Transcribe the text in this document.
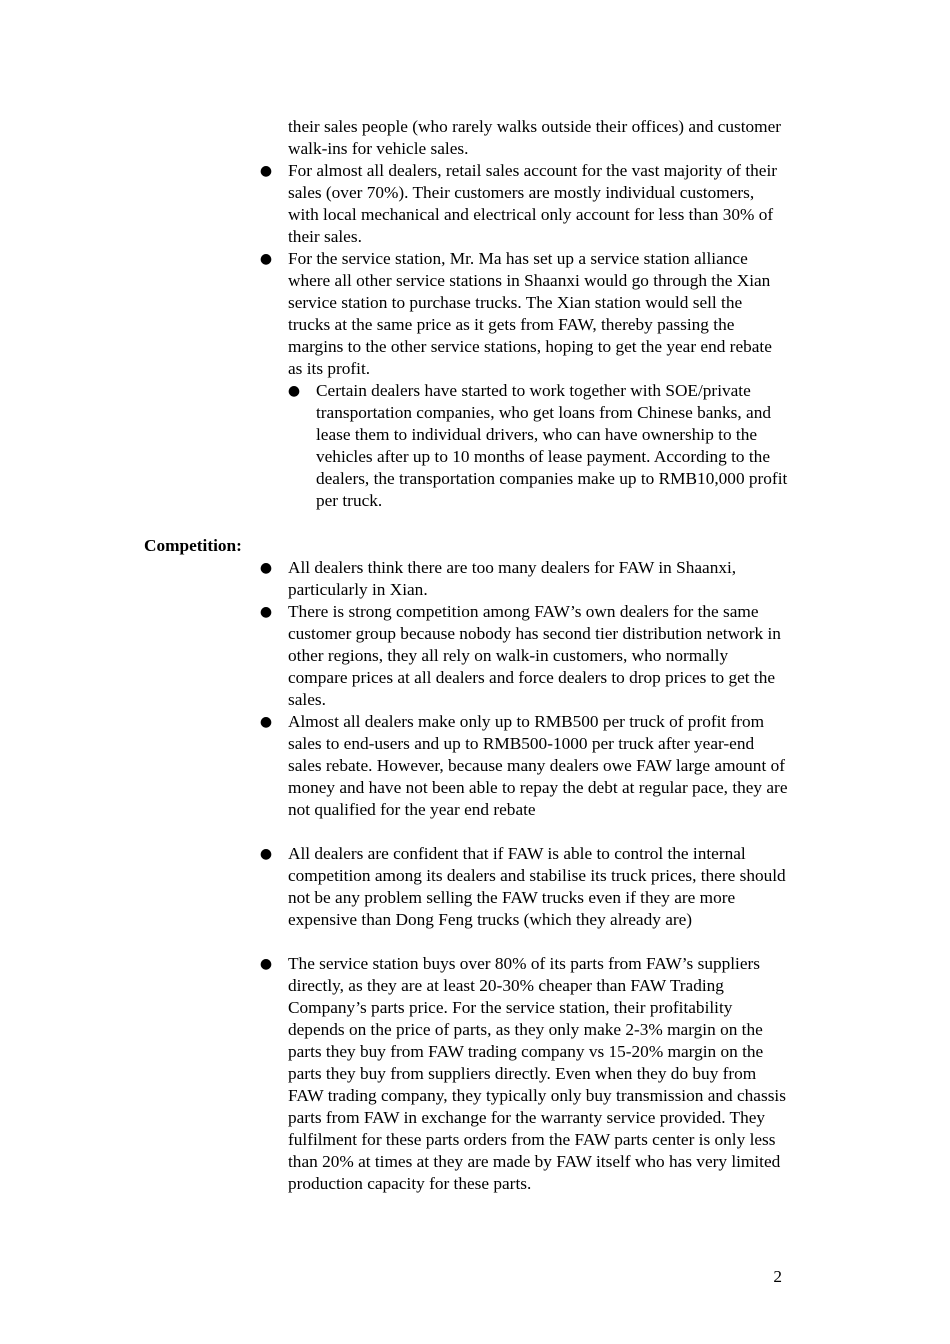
their sales people (who rarely walks outside their offices) and customer walk-ins for vehicle sales.

● For almost all dealers, retail sales account for the vast majority of their sales (over 70%). Their customers are mostly individual customers, with local mechanical and electrical only account for less than 30% of their sales.
● For the service station, Mr. Ma has set up a service station alliance where all other service stations in Shaanxi would go through the Xian service station to purchase trucks. The Xian station would sell the trucks at the same price as it gets from FAW, thereby passing the margins to the other service stations, hoping to get the year end rebate as its profit.
● Certain dealers have started to work together with SOE/private transportation companies, who get loans from Chinese banks, and lease them to individual drivers, who can have ownership to the vehicles after up to 10 months of lease payment. According to the dealers, the transportation companies make up to RMB10,000 profit per truck.
Competition:
● All dealers think there are too many dealers for FAW in Shaanxi, particularly in Xian.
● There is strong competition among FAW’s own dealers for the same customer group because nobody has second tier distribution network in other regions, they all rely on walk-in customers, who normally compare prices at all dealers and force dealers to drop prices to get the sales.
● Almost all dealers make only up to RMB500 per truck of profit from sales to end-users and up to RMB500-1000 per truck after year-end sales rebate. However, because many dealers owe FAW large amount of money and have not been able to repay the debt at regular pace, they are not qualified for the year end rebate
● All dealers are confident that if FAW is able to control the internal competition among its dealers and stabilise its truck prices, there should not be any problem selling the FAW trucks even if they are more expensive than Dong Feng trucks (which they already are)
● The service station buys over 80% of its parts from FAW’s suppliers directly, as they are at least 20-30% cheaper than FAW Trading Company’s parts price. For the service station, their profitability depends on the price of parts, as they only make 2-3% margin on the parts they buy from FAW trading company vs 15-20% margin on the parts they buy from suppliers directly. Even when they do buy from FAW trading company, they typically only buy transmission and chassis parts from FAW in exchange for the warranty service provided. They fulfilment for these parts orders from the FAW parts center is only less than 20% at times at they are made by FAW itself who has very limited production capacity for these parts.
2
